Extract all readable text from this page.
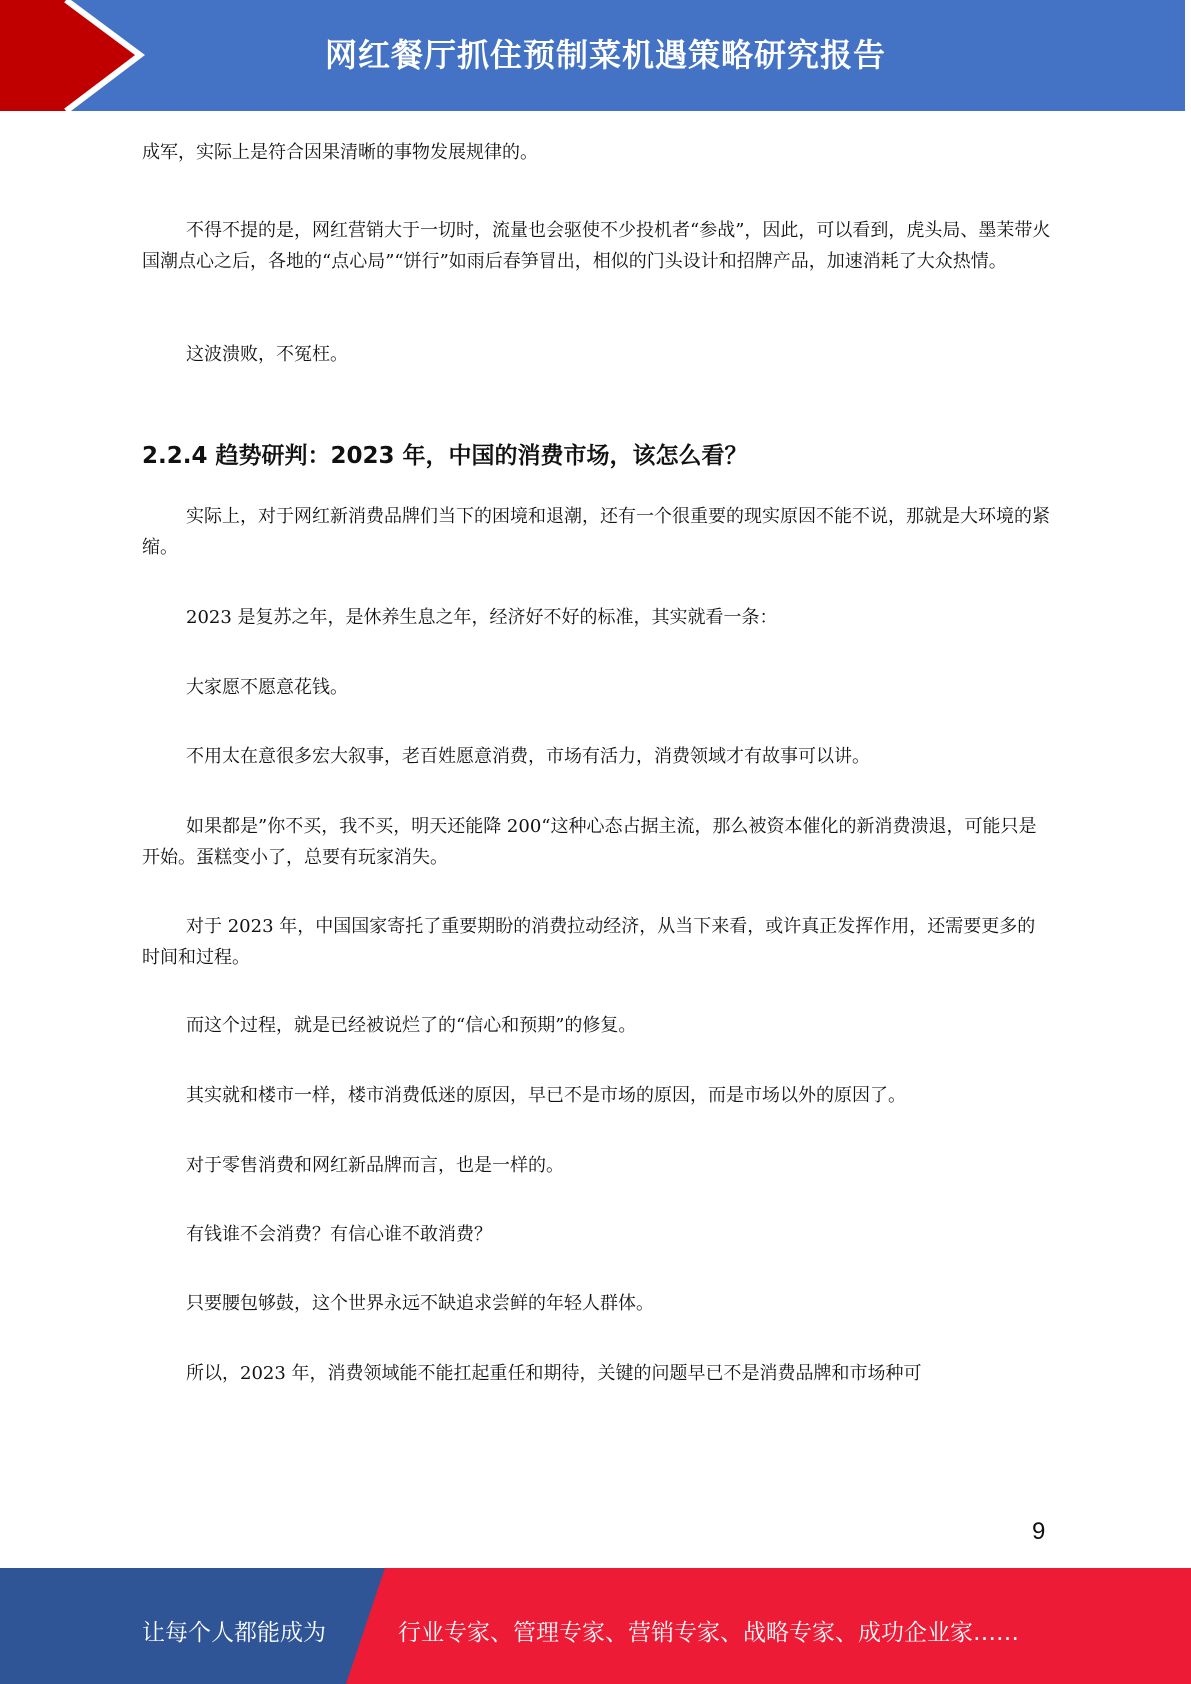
网红餐厅抓住预制菜机遇策略研究报告

成军，实际上是符合因果清晰的事物发展规律的。

不得不提的是，网红营销大于一切时，流量也会驱使不少投机者“参战”，因此，可以看到，虎头局、墨茉带火国潮点心之后，各地的“点心局”“饼行”如雨后春笋冒出，相似的门头设计和招牌产品，加速消耗了大众热情。

这波溃败，不冤枉。

2.2.4 趋势研判：2023 年，中国的消费市场，该怎么看？

实际上，对于网红新消费品牌们当下的困境和退潮，还有一个很重要的现实原因不能不说，那就是大环境的紧缩。

2023 是复苏之年，是休养生息之年，经济好不好的标准，其实就看一条：

大家愿不愿意花钱。

不用太在意很多宏大叙事，老百姓愿意消费，市场有活力，消费领域才有故事可以讲。

如果都是”你不买，我不买，明天还能降 200“这种心态占据主流，那么被资本催化的新消费溃退，可能只是开始。蛋糕变小了，总要有玩家消失。

对于 2023 年，中国国家寄托了重要期盼的消费拉动经济，从当下来看，或许真正发挥作用，还需要更多的时间和过程。

而这个过程，就是已经被说烂了的“信心和预期”的修复。

其实就和楼市一样，楼市消费低迷的原因，早已不是市场的原因，而是市场以外的原因了。

对于零售消费和网红新品牌而言，也是一样的。

有钱谁不会消费？有信心谁不敢消费？

只要腰包够鼓，这个世界永远不缺追求尝鲜的年轻人群体。

所以，2023 年，消费领域能不能扛起重任和期待，关键的问题早已不是消费品牌和市场种可

9
让每个人都能成为	行业专家、管理专家、营销专家、战略专家、成功企业家……
